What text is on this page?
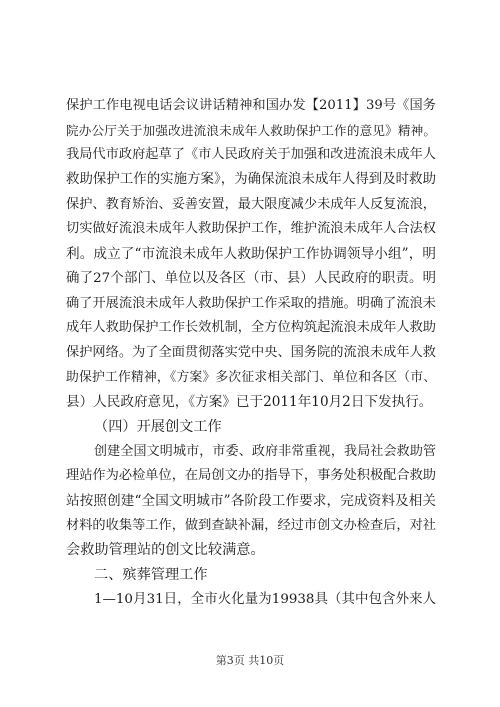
保护工作电视电话会议讲话精神和国办发【2011】39号《国务
院办公厅关于加强改进流浪未成年人救助保护工作的意见》精神。
我局代市政府起草了《市人民政府关于加强和改进流浪未成年人
救助保护工作的实施方案》，为确保流浪未成年人得到及时救助
保护、教育矫治、妥善安置，最大限度减少未成年人反复流浪，
切实做好流浪未成年人救助保护工作，维护流浪未成年人合法权
利。成立了“市流浪未成年人救助保护工作协调领导小组”，明
确了27个部门、单位以及各区（市、县）人民政府的职责。明
确了开展流浪未成年人救助保护工作采取的措施。明确了流浪未
成年人救助保护工作长效机制，全方位构筑起流浪未成年人救助
保护网络。为了全面贯彻落实党中央、国务院的流浪未成年人救
助保护工作精神，《方案》多次征求相关部门、单位和各区（市、
县）人民政府意见，《方案》已于2011年10月2日下发执行。
（四）开展创文工作
创建全国文明城市，市委、政府非常重视，我局社会救助管
理站作为必检单位，在局创文办的指导下，事务处积极配合救助
站按照创建“全国文明城市”各阶段工作要求，完成资料及相关
材料的收集等工作，做到查缺补漏，经过市创文办检查后，对社
会救助管理站的创文比较满意。
二、殡葬管理工作
1—10月31日，全市火化量为19938具（其中包含外来人
第3页 共10页
